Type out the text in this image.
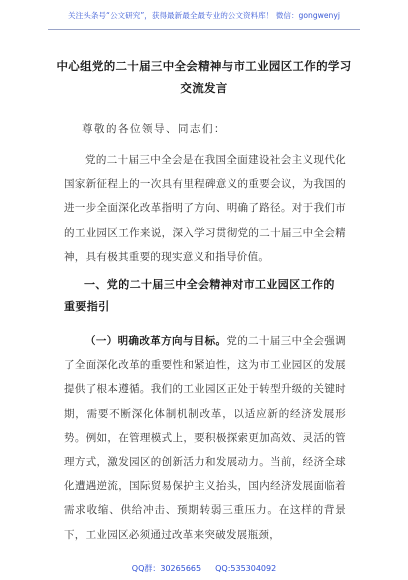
关注头条号“公文研究”，获得最新最全最专业的公文资料库！ 微信：gongwenyj
中心组党的二十届三中全会精神与市工业园区工作的学习
交流发言
尊敬的各位领导、同志们：
党的二十届三中全会是在我国全面建设社会主义现代化国家新征程上的一次具有里程碑意义的重要会议，为我国的进一步全面深化改革指明了方向、明确了路径。对于我们市的工业园区工作来说，深入学习贯彻党的二十届三中全会精神，具有极其重要的现实意义和指导价值。
一、党的二十届三中全会精神对市工业园区工作的重要指引
（一）明确改革方向与目标。党的二十届三中全会强调了全面深化改革的重要性和紧迫性，这为市工业园区的发展提供了根本遵循。我们的工业园区正处于转型升级的关键时期，需要不断深化体制机制改革，以适应新的经济发展形势。例如，在管理模式上，要积极探索更加高效、灵活的管理方式，激发园区的创新活力和发展动力。当前，经济全球化遭遇逆流，国际贸易保护主义抬头，国内经济发展面临着需求收缩、供给冲击、预期转弱三重压力。在这样的背景下，工业园区必须通过改革来突破发展瓶颈，
QQ群：30265665 QQ:535304092
